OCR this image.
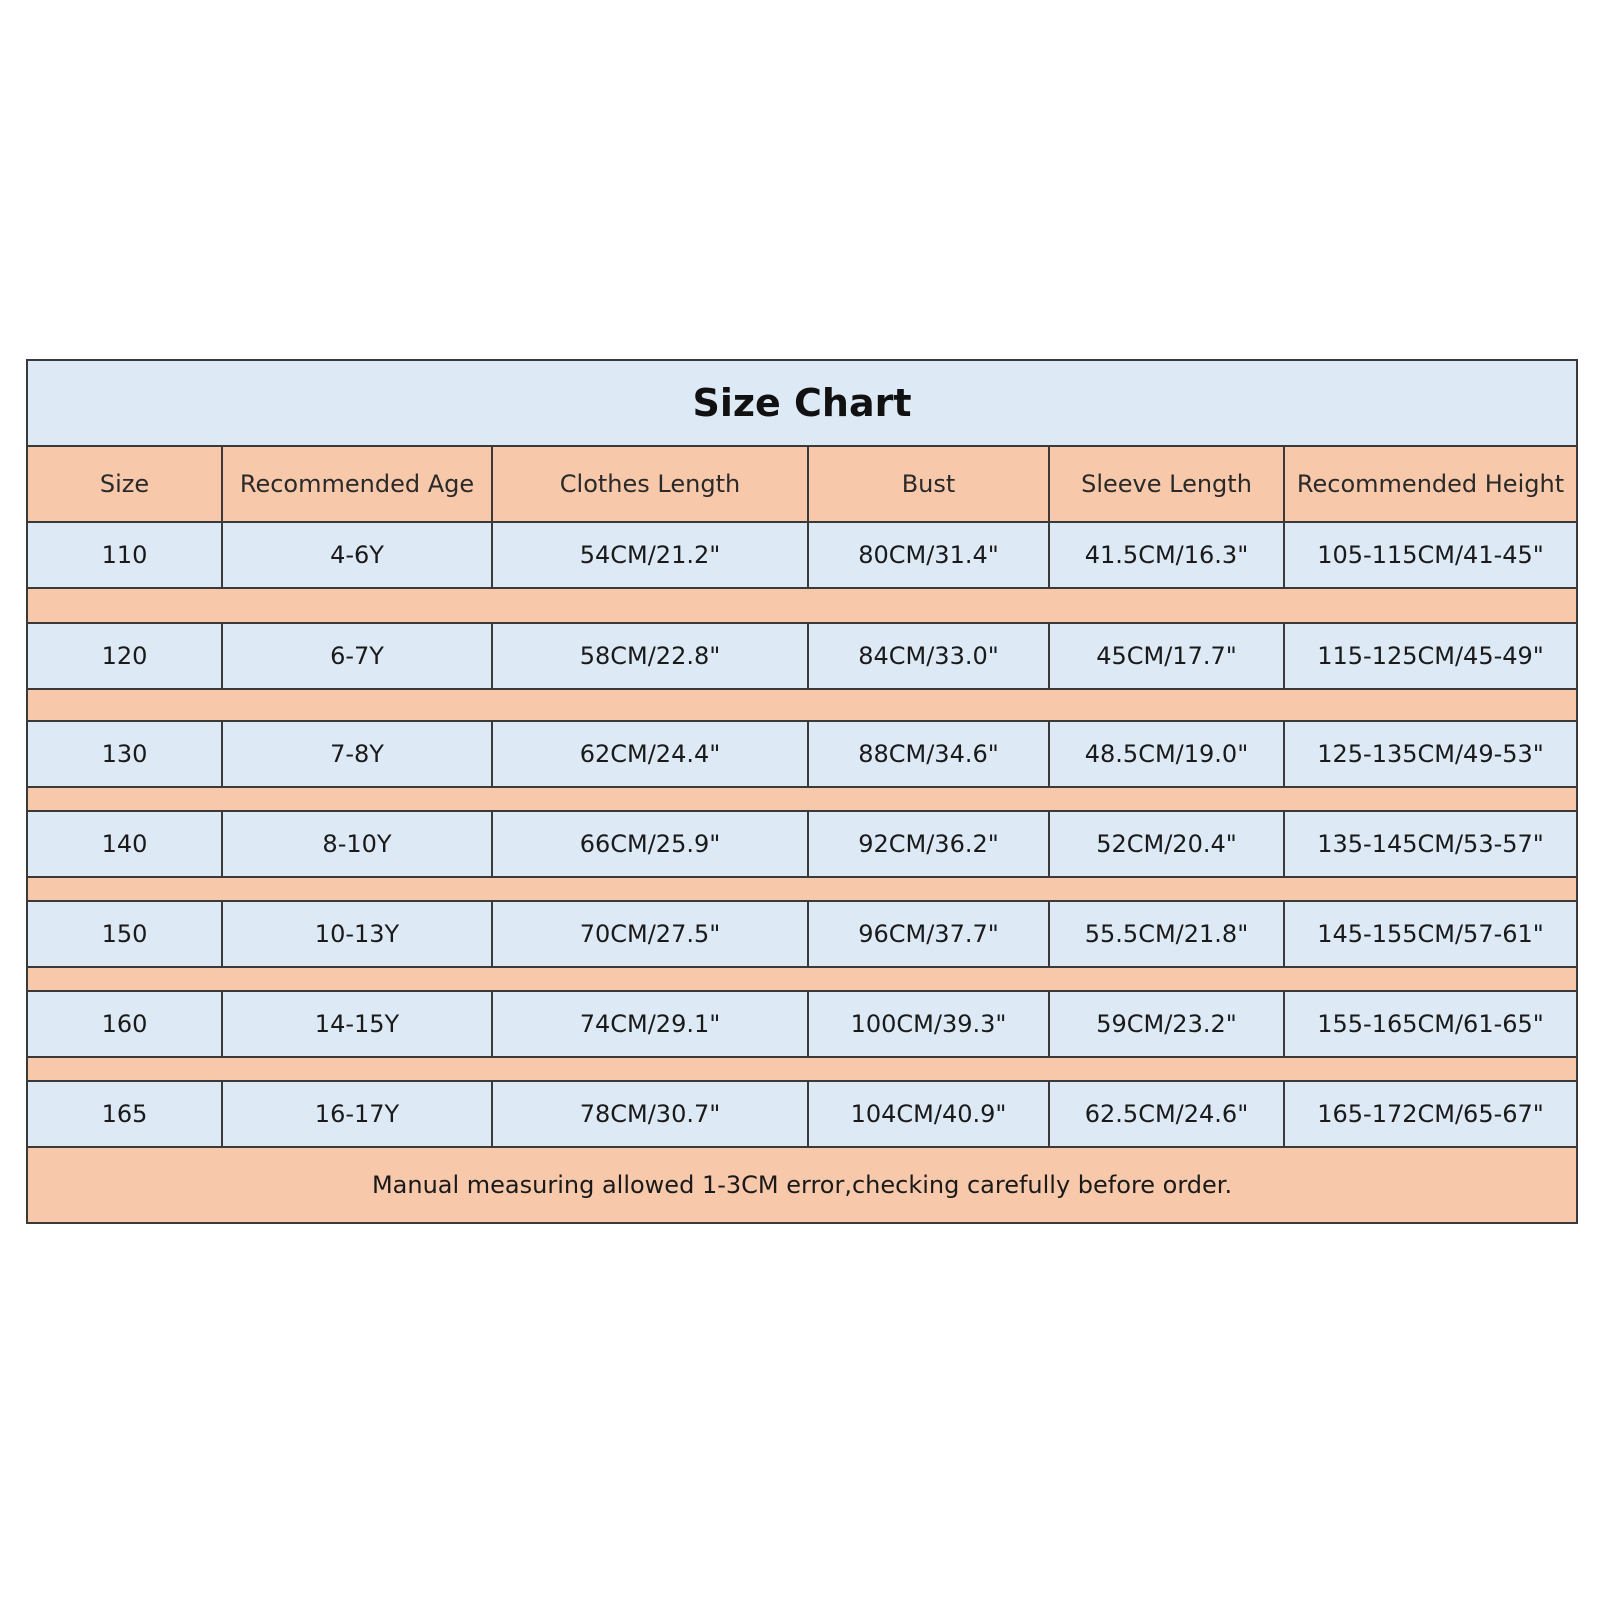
Size Chart					
Size	Recommended Age	Clothes Length	Bust	Sleeve Length	Recommended Height
110	4-6Y	54CM/21.2"	80CM/31.4"	41.5CM/16.3"	105-115CM/41-45"

120	6-7Y	58CM/22.8"	84CM/33.0"	45CM/17.7"	115-125CM/45-49"

130	7-8Y	62CM/24.4"	88CM/34.6"	48.5CM/19.0"	125-135CM/49-53"

140	8-10Y	66CM/25.9"	92CM/36.2"	52CM/20.4"	135-145CM/53-57"

150	10-13Y	70CM/27.5"	96CM/37.7"	55.5CM/21.8"	145-155CM/57-61"

160	14-15Y	74CM/29.1"	100CM/39.3"	59CM/23.2"	155-165CM/61-65"

165	16-17Y	78CM/30.7"	104CM/40.9"	62.5CM/24.6"	165-172CM/65-67"
Manual measuring allowed 1-3CM error,checking carefully before order.					
